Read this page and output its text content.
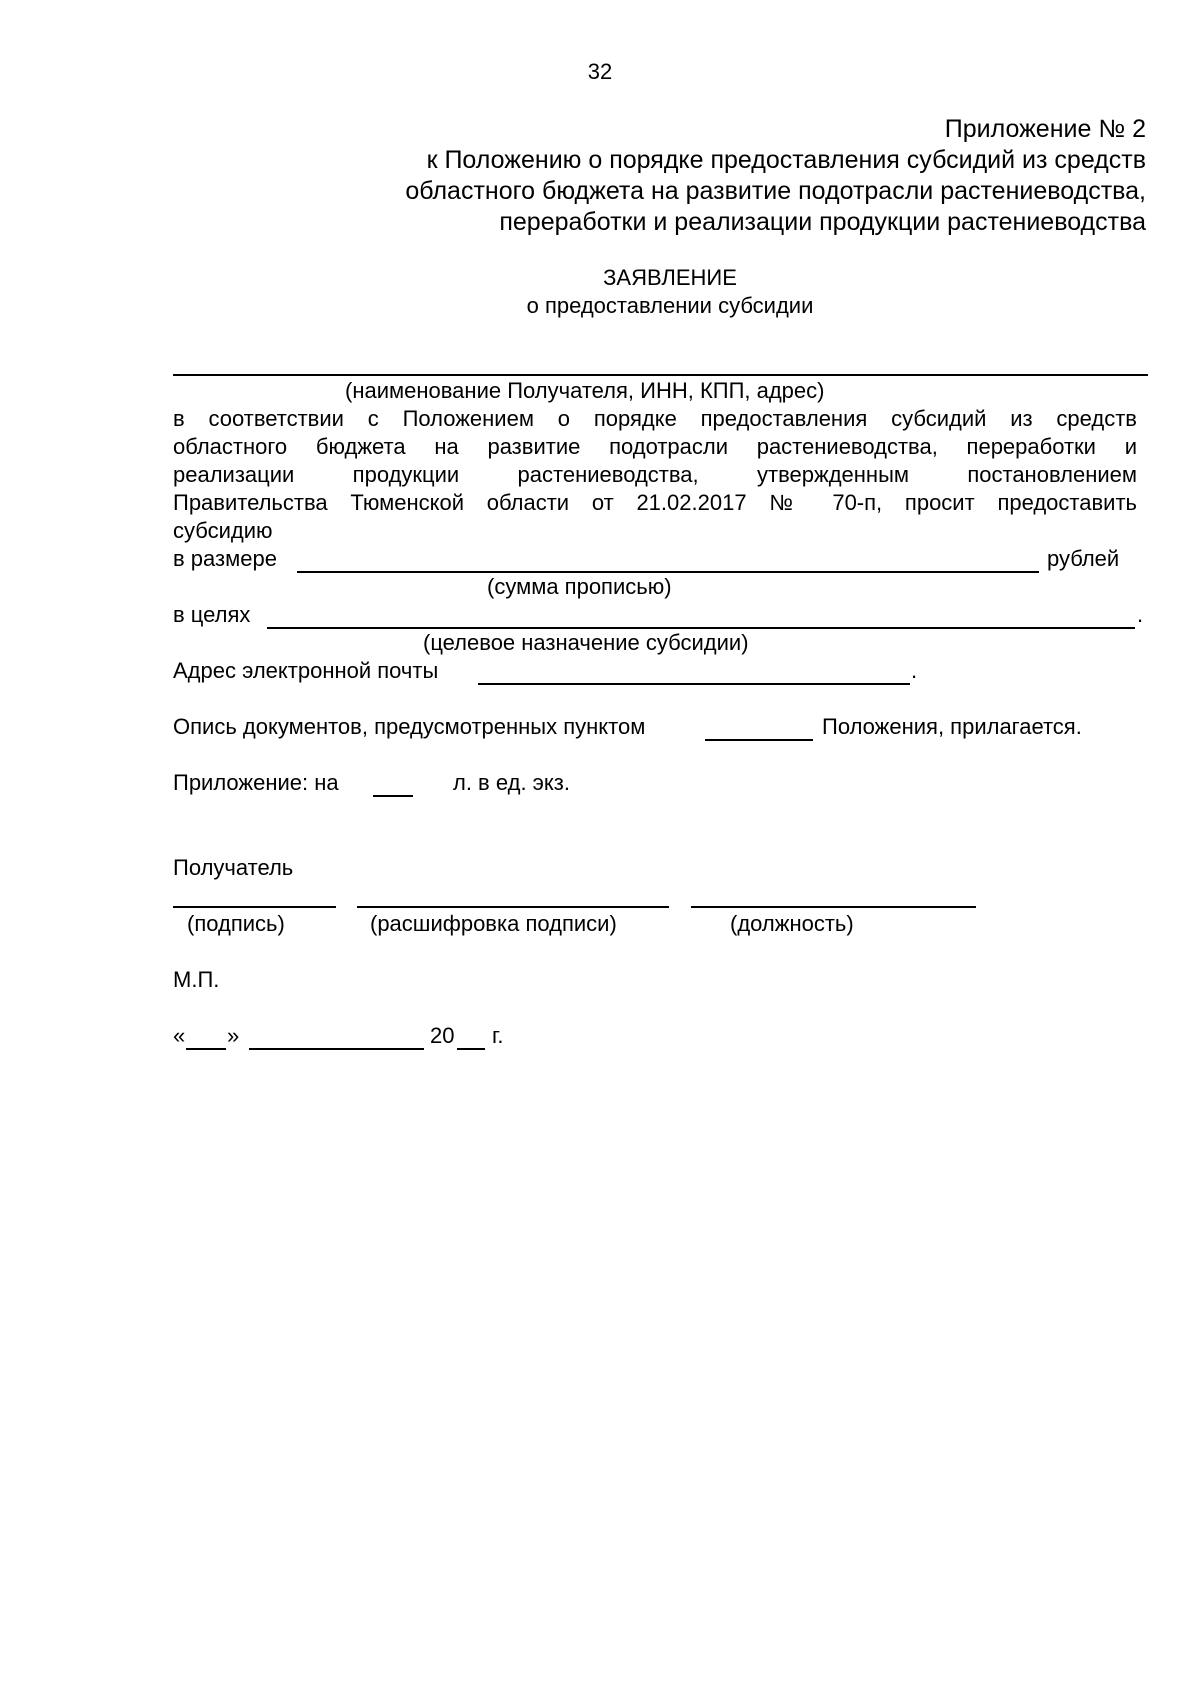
32
Приложение № 2
к Положению о порядке предоставления субсидий из средств
областного бюджета на развитие подотрасли растениеводства,
переработки и реализации продукции растениеводства
ЗАЯВЛЕНИЕ
о предоставлении субсидии
(наименование Получателя, ИНН, КПП, адрес)
в соответствии с Положением о порядке предоставления субсидий из средств
областного бюджета на развитие подотрасли растениеводства, переработки и
реализации продукции растениеводства, утвержденным постановлением
Правительства Тюменской области от 21.02.2017 № 70-п, просит предоставить
субсидию
в размере	рублей
(сумма прописью)
в целях	.
(целевое назначение субсидии)
Адрес электронной почты	.
Опись документов, предусмотренных пунктом	Положения, прилагается.
Приложение: на	л. в ед. экз.
Получатель
(подпись)	(расшифровка подписи)	(должность)
М.П.
« »	20 г.
